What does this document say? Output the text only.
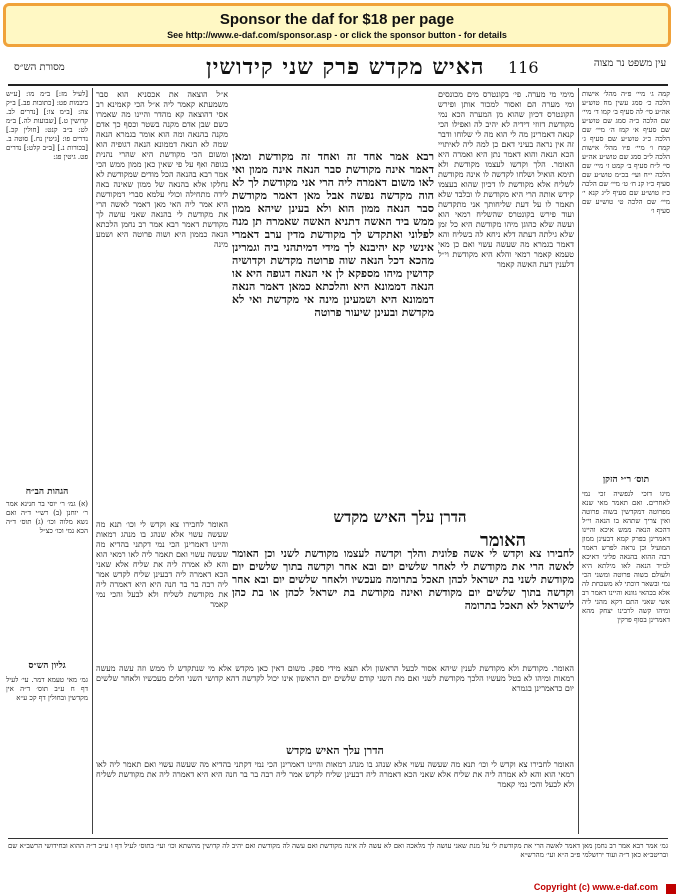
Sponsor the daf for $18 per page
See http://www.e-daf.com/sponsor.asp - or click the sponsor button - for details
מסורת הש״ס	האיש מקדש פרק שני קידושין 116	עין משפט נר מצוה
קמה ג׳ מיי׳ פ״ה מהל׳ אישות הלכה כ׳ סמג עשין מח טוש״ע אה״ע סי׳ לה סעיף ב׳ קמו ד׳ מיי׳ שם הלכה כ״ה סמג שם טוש״ע שם סעיף א׳ קמז ה׳ מיי׳ שם הלכה כ״ג טוש״ע שם סעיף ג׳ קמח ו׳ מיי׳ פ״ו מהל׳ אישות הלכה ל״ב סמג שם טוש״ע אה״ע סי׳ ל״ח סעיף ב׳ קמט ז׳ מיי׳ שם הלכה י״ח ועי׳ בכ״מ טוש״ע שם סעיף כ״ו קנ ח׳ ט׳ מיי׳ שם הלכה כ״ז טוש״ע שם סעיף ל״ג קנא י׳ מיי׳ שם הלכה ט׳ טוש״ע שם סעיף ו׳
תוס׳ ר״י הזקן
מיגו דזכי לנפשיה זכי נמי לאחרים. ואם תאמר מאי שנא מפרוטה דמקדשין בשוה פרוטה ואין צריך שתהא בו הנאה וי״ל דהכא הנאה ממש איכא והיינו דאמרינן בפרק קמא דבעינן ממון המועיל וכן נראה לפרש דאמר רבה ההוא בהנאה פליגי דאיכא למ״ד הנאה לאו מילתא היא ולעולם בשוה פרוטה ומשני הכי נמי ובשאר דוכתי לא משכחת לה אלא בכהאי גוונא והיינו דאמר רב אשי שאני התם דקא מהני ליה ומיהו קשה לרבינו יצחק מהא דאמרינן בסוף פרקין
[לעיל מז:] ב״מ מו: [ע״ש ביבמות פט: [כתובות פב.] ב״ק צה: [ב״מ צו:] [נדרים לב. קדושין ט.] [שבועות לה.] ב״מ לט: ב״ב קנט: [חולין קכ.] נדרים פו: [גיטין נח.] סוטה ב. [בכורות נ.] [ב״ב קלט:] נדרים פט. גיטין פג:
הגהות הב״ח
(א) גמ׳ ר׳ יוסי בר חנינא אמר ר׳ יוחנן (ב) רש״י ד״ה ואם נשא מלוה וכו׳ (ג) תוס׳ ד״ה הכא נמי וכו׳ כצ״ל
גליון הש״ס
גמ׳ מאי טעמא דמר. עי׳ לעיל דף ח ע״ב תוס׳ ד״ה אין מקדשין ובחולין דף קכ ע״א
מימי מי מערה. פי׳ בקונטרס מים מכונסים ומי מערה הם ואסור למכור אותן ופירש הקונטרס דכיון שהוא מן המערה הכא נמי מקודשת דזוזי דידיה לא יהיב לה ואפילו הכי קנאה דאמרינן מה לי הוא מה לי שלוחו ודבר זה אין נראה בעיני דאם כן למה ליה לאיתויי הכא הנאה והוא דאמר נתן היא ואמרה היא האומר. הלך וקדשו לעצמו מקודשת ולא תימא הואיל ושלחו לקדשה לו אינה מקודשת לשליח אלא מקודשת לו דכיון שהוא בעצמו קידש אותה הרי היא מקודשת לו ובלבד שלא תאמר לו על דעת שליחותך אני מתקדשת ועוד פירש בקונטרס שהשליח רמאי הוא ועשה שלא כהוגן מיהו מקודשת היא כל זמן שלא גילתה דעתה דלא ניחא לה בשליח והא דאמר בגמרא מה שעשה עשוי ואם כן מאי טעמא קאמר רמאי והלא היא מקודשת וי״ל דלענין דעת האשה קאמר
א״ל הוצאה את אכסניא הוא סבר משמעתא קאמר ליה א״ל הכי קאמינא רב אסי דהוצאה קא מהדר והיינו מה שאמרו כשם שבן אדם מקנה בשטר וכסף כך אדם מקנה בהנאה ומה הוא אומר בגמרא הנאה שמה לא הנאה דממונא הנאה דגופיה הוא ומשום הכי מקודשת היא שהרי נהנית בגופה ואף על פי שאין כאן ממון ממש הכי אמר רבא בהנאה הכל מודים שמקודשת לא נחלקו אלא בהנאה של ממון שאינה באה לידה מתחילה וכולי עלמא סברי דמקודשת היא אמר ליה האי מאן דאמר לאשה הרי את מקודשת לי בהנאה שאני עושה לך מקודשת דאמר רבא אמר רב נחמן הלכתא הנאה כממון היא ושוה פרוטה היא ושמע מינה
רבא אמר אחד זה ואחד זה מקודשת ומאן דאמר אינה מקודשת סבר הנאה אינה ממון ואי לאו משום דאמרה ליה הרי אני מקודשת לך לא הוה מקדשה נפשה אבל מאן דאמר מקודשת סבר הנאה ממון הוא ולא בעינן שיהא ממון ממש ביד האשה דתניא האשה שאמרה תן מנה לפלוני ואתקדש לך מקודשת מדין ערב דאמרי אינשי קא יהיבנא לך מידי דמיתהני ביה וגמרינן מהכא דכל הנאה שוה פרוטה מקדשת וקדושיה קדושין מיהו מספקא לן אי הנאה דגופה היא או הנאה דממונא היא והלכתא כמאן דאמר הנאה דממונא היא ושמעינן מינה אי מקדשת ואי לא מקדשת ובעינן שיעור פרוטה
הדרן עלך האיש מקדש
האומר
לחבירו צא וקדש לי אשה פלונית והלך וקדשה לעצמו מקודשת לשני וכן האומר לאשה הרי את מקודשת לי לאחר שלשים יום ובא אחר וקדשה בתוך שלשים יום מקודשת לשני בת ישראל לכהן תאכל בתרומה מעכשיו ולאחר שלשים יום ובא אחר וקדשה בתוך שלשים יום מקודשת ואינה מקודשת בת ישראל לכהן או בת כהן לישראל לא תאכל בתרומה
האומר לחבירו צא וקדש לי וכו׳ תנא מה שעשה עשוי אלא שנהג בו מנהג רמאות והיינו דאמרינן הכי נמי דקתני בהדיא מה שעשה עשוי ואם תאמר ליה לאו רמאי הוא והא לא אמרה ליה את שליח אלא שאני הכא דאמרה ליה דבעינן שליח לקדש אמר ליה רבה בר בר חנה היא היא דאמרה ליה את מקודשת לשליח ולא לבעל והכי נמי קאמר
האומר. מקודשת ולא מקודשת לענין שיהא אסור לבעל הראשון ולא תצא מידי ספק. משום דאין כאן מקדש אלא מי שנתקדש לו ממש וזה עשה מעשה רמאות ומיהו לא בטל מעשיו הלכך מקודשת לשני ואם מת השני קודם שלשים יום הראשון אינו יכול לקדשה דהא קדושי השני חלים מעכשיו ולאחר שלשים יום כדאמרינן בגמרא
הדרן עלך האיש מקדש
האומר לחבירו צא וקדש לי וכו׳ תנא מה שעשה עשוי אלא שנהג בו מנהג רמאות והיינו דאמרינן הכי נמי דקתני בהדיא מה שעשה עשוי ואם תאמר ליה לאו רמאי הוא והא לא אמרה ליה את שליח אלא שאני הכא דאמרה ליה דבעינן שליח לקדש אמר ליה רבה בר בר חנה היא היא דאמרה ליה את מקודשת לשליח ולא לבעל והכי נמי קאמר
גמ׳ אמר רבא אמר רב נחמן מאן דאמר לאשה הרי את מקודשת לי על מנת שאני עושה לך מלאכה ואם לא עשה לה אינה מקודשת ואם עשה לה מקודשת ואם יהיב לה קדושין מהשתא וכו׳ ועי׳ בתוס׳ לעיל דף ו ע״ב ד״ה ההוא ובחידושי הרשב״א שם ובריטב״א כאן ד״ה ועוד ירושלמי פ״ב ה״א ועי׳ מהרש״א
Copyright (c) www.e-daf.com
